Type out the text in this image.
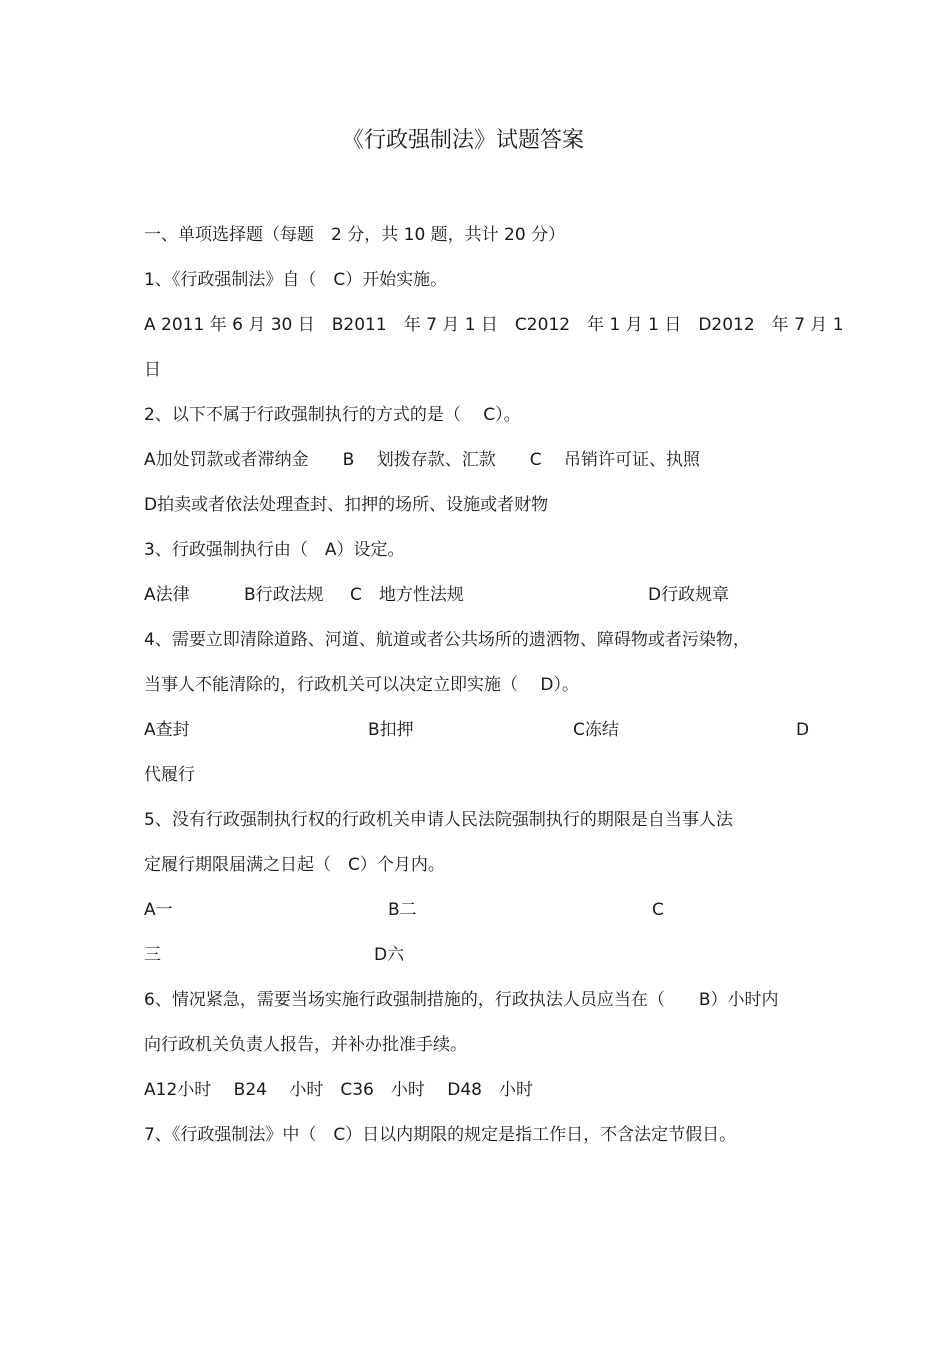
《行政强制法》试题答案
一、单项选择题（每题　2 分，共 10 题，共计 20 分）
1、《行政强制法》自（　C）开始实施。
A 2011 年 6 月 30 日　B2011　年 7 月 1 日　C2012　年 1 月 1 日　D2012　年 7 月 1
日
2、以下不属于行政强制执行的方式的是（　 C）。
A加处罚款或者滞纳金　　B　 划拨存款、汇款　　C　 吊销许可证、执照
D拍卖或者依法处理查封、扣押的场所、设施或者财物
3、行政强制执行由（　A）设定。
A法律	B行政法规 C　地方性法规	D行政规章
4、需要立即清除道路、河道、航道或者公共场所的遗洒物、障碍物或者污染物，
当事人不能清除的，行政机关可以决定立即实施（　 D）。
A查封	B扣押	C冻结	D
代履行
5、没有行政强制执行权的行政机关申请人民法院强制执行的期限是自当事人法
定履行期限届满之日起（　C）个月内。
A一	B二	C
三	D六
6、情况紧急，需要当场实施行政强制措施的，行政执法人员应当在（　　B）小时内
向行政机关负责人报告，并补办批准手续。
A12小时　 B24　 小时　C36　小时　 D48　小时
7、《行政强制法》中（　C）日以内期限的规定是指工作日，不含法定节假日。
